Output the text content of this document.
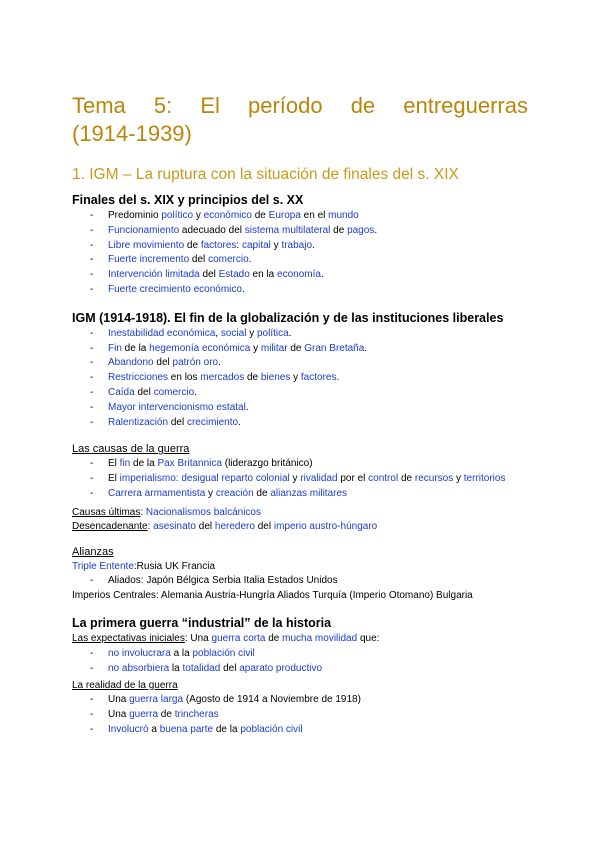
Tema 5: El período de entreguerras
(1914-1939)
1. IGM – La ruptura con la situación de finales del s. XIX
Finales del s. XIX y principios del s. XX
- Predominio político y económico de Europa en el mundo
- Funcionamiento adecuado del sistema multilateral de pagos.
- Libre movimiento de factores: capital y trabajo.
- Fuerte incremento del comercio.
- Intervención limitada del Estado en la economía.
- Fuerte crecimiento económico.
IGM (1914-1918). El fin de la globalización y de las instituciones liberales
- Inestabilidad económica, social y política.
- Fin de la hegemonía económica y militar de Gran Bretaña.
- Abandono del patrón oro.
- Restricciones en los mercados de bienes y factores.
- Caída del comercio.
- Mayor intervencionismo estatal.
- Ralentización del crecimiento.
Las causas de la guerra
- El fin de la Pax Britannica (liderazgo británico)
- El imperialismo: desigual reparto colonial y rivalidad por el control de recursos y territorios
- Carrera armamentista y creación de alianzas militares
Causas últimas: Nacionalismos balcánicos
Desencadenante: asesinato del heredero del imperio austro-húngaro
Alianzas
Triple Entente:Rusia UK Francia
- Aliados: Japón Bélgica Serbia Italia Estados Unidos
Imperios Centrales: Alemania Austria-Hungría Aliados Turquía (Imperio Otomano) Bulgaria
La primera guerra “industrial” de la historia
Las expectativas iniciales: Una guerra corta de mucha movilidad que:
- no involucrara a la población civil
- no absorbiera la totalidad del aparato productivo
La realidad de la guerra
- Una guerra larga (Agosto de 1914 a Noviembre de 1918)
- Una guerra de trincheras
- Involucró a buena parte de la población civil
